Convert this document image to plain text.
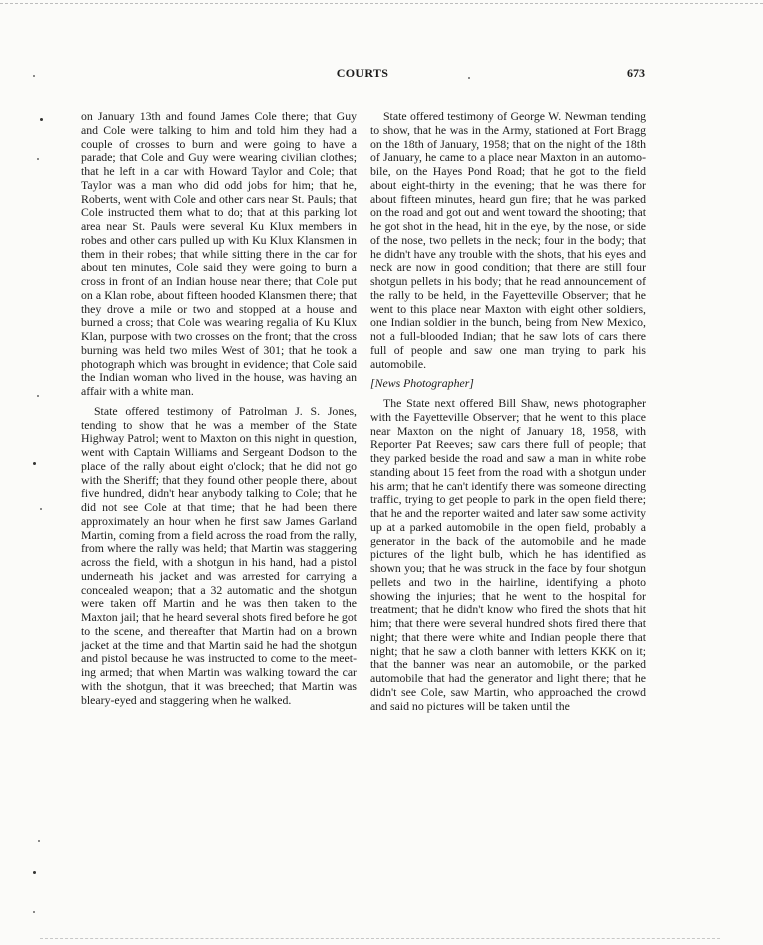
COURTS	673

on January 13th and found James Cole there; that Guy and Cole were talking to him and told him they had a couple of crosses to burn and were going to have a parade; that Cole and Guy were wearing civilian clothes; that he left in a car with Howard Taylor and Cole; that Taylor was a man who did odd jobs for him; that he, Roberts, went with Cole and other cars near St. Pauls; that Cole instructed them what to do; that at this parking lot area near St. Pauls were several Ku Klux members in robes and other cars pulled up with Ku Klux Klansmen in them in their robes; that while sitting there in the car for about ten minutes, Cole said they were going to burn a cross in front of an Indian house near there; that Cole put on a Klan robe, about fifteen hooded Klansmen there; that they drove a mile or two and stopped at a house and burned a cross; that Cole was wearing regalia of Ku Klux Klan, purpose with two crosses on the front; that the cross burning was held two miles West of 301; that he took a photograph which was brought in evidence; that Cole said the Indian woman who lived in the house, was having an affair with a white man.

State offered testimony of Patrolman J. S. Jones, tending to show that he was a member of the State Highway Patrol; went to Maxton on this night in question, went with Captain Williams and Sergeant Dodson to the place of the rally about eight o'clock; that he did not go with the Sheriff; that they found other people there, about five hundred, didn't hear anybody talking to Cole; that he did not see Cole at that time; that he had been there approximately an hour when he first saw James Garland Martin, coming from a field across the road from the rally, from where the rally was held; that Martin was staggering across the field, with a shotgun in his hand, had a pistol underneath his jacket and was arrested for carrying a concealed weapon; that a 32 automatic and the shotgun were taken off Martin and he was then taken to the Maxton jail; that he heard several shots fired before he got to the scene, and thereafter that Martin had on a brown jacket at the time and that Martin said he had the shotgun and pistol because he was instructed to come to the meeting armed; that when Martin was walking toward the car with the shotgun, that it was breeched; that Martin was bleary-eyed and staggering when he walked.

State offered testimony of George W. Newman tending to show, that he was in the Army, stationed at Fort Bragg on the 18th of January, 1958; that on the night of the 18th of January, he came to a place near Maxton in an automobile, on the Hayes Pond Road; that he got to the field about eight-thirty in the evening; that he was there for about fifteen minutes, heard gun fire; that he was parked on the road and got out and went toward the shooting; that he got shot in the head, hit in the eye, by the nose, or side of the nose, two pellets in the neck; four in the body; that he didn't have any trouble with the shots, that his eyes and neck are now in good condition; that there are still four shotgun pellets in his body; that he read announcement of the rally to be held, in the Fayetteville Observer; that he went to this place near Maxton with eight other soldiers, one Indian soldier in the bunch, being from New Mexico, not a full-blooded Indian; that he saw lots of cars there full of people and saw one man trying to park his automobile.

[News Photographer]

The State next offered Bill Shaw, news photographer with the Fayetteville Observer; that he went to this place near Maxton on the night of January 18, 1958, with Reporter Pat Reeves; saw cars there full of people; that they parked beside the road and saw a man in white robe standing about 15 feet from the road with a shotgun under his arm; that he can't identify there was someone directing traffic, trying to get people to park in the open field there; that he and the reporter waited and later saw some activity up at a parked automobile in the open field, probably a generator in the back of the automobile and he made pictures of the light bulb, which he has identified as shown you; that he was struck in the face by four shotgun pellets and two in the hairline, identifying a photo showing the injuries; that he went to the hospital for treatment; that he didn't know who fired the shots that hit him; that there were several hundred shots fired there that night; that there were white and Indian people there that night; that he saw a cloth banner with letters KKK on it; that the banner was near an automobile, or the parked automobile that had the generator and light there; that he didn't see Cole, saw Martin, who approached the crowd and said no pictures will be taken until the
